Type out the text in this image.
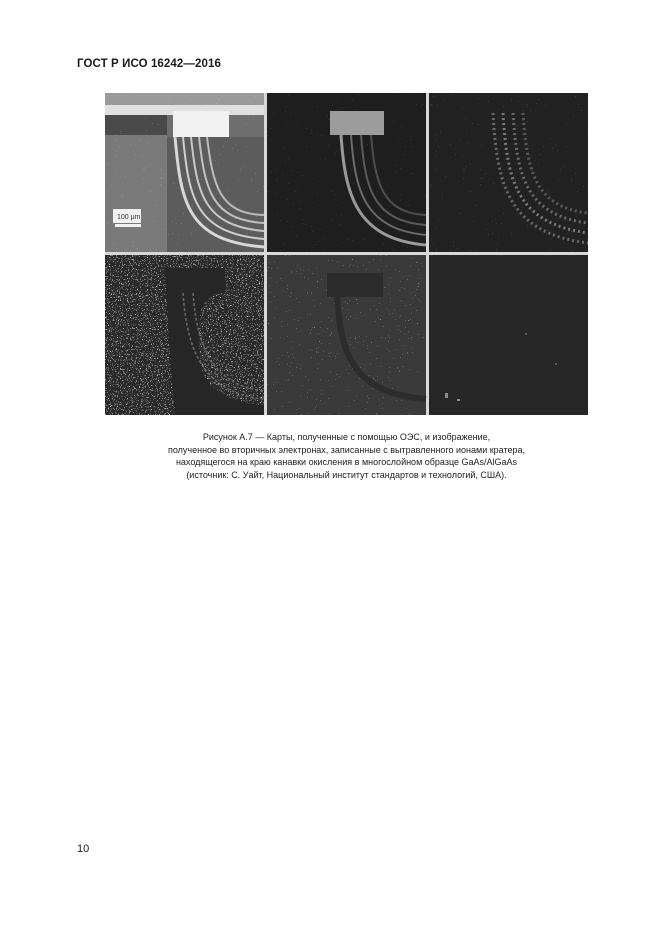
ГОСТ Р ИСО 16242—2016
100 μm
Рисунок А.7 — Карты, полученные с помощью ОЭС, и изображение,
полученное во вторичных электронах, записанные с вытравленного ионами кратера,
находящегося на краю канавки окисления в многослойном образце GaAs/AlGaAs
(источник: С. Уайт, Национальный институт стандартов и технологий, США).
10
